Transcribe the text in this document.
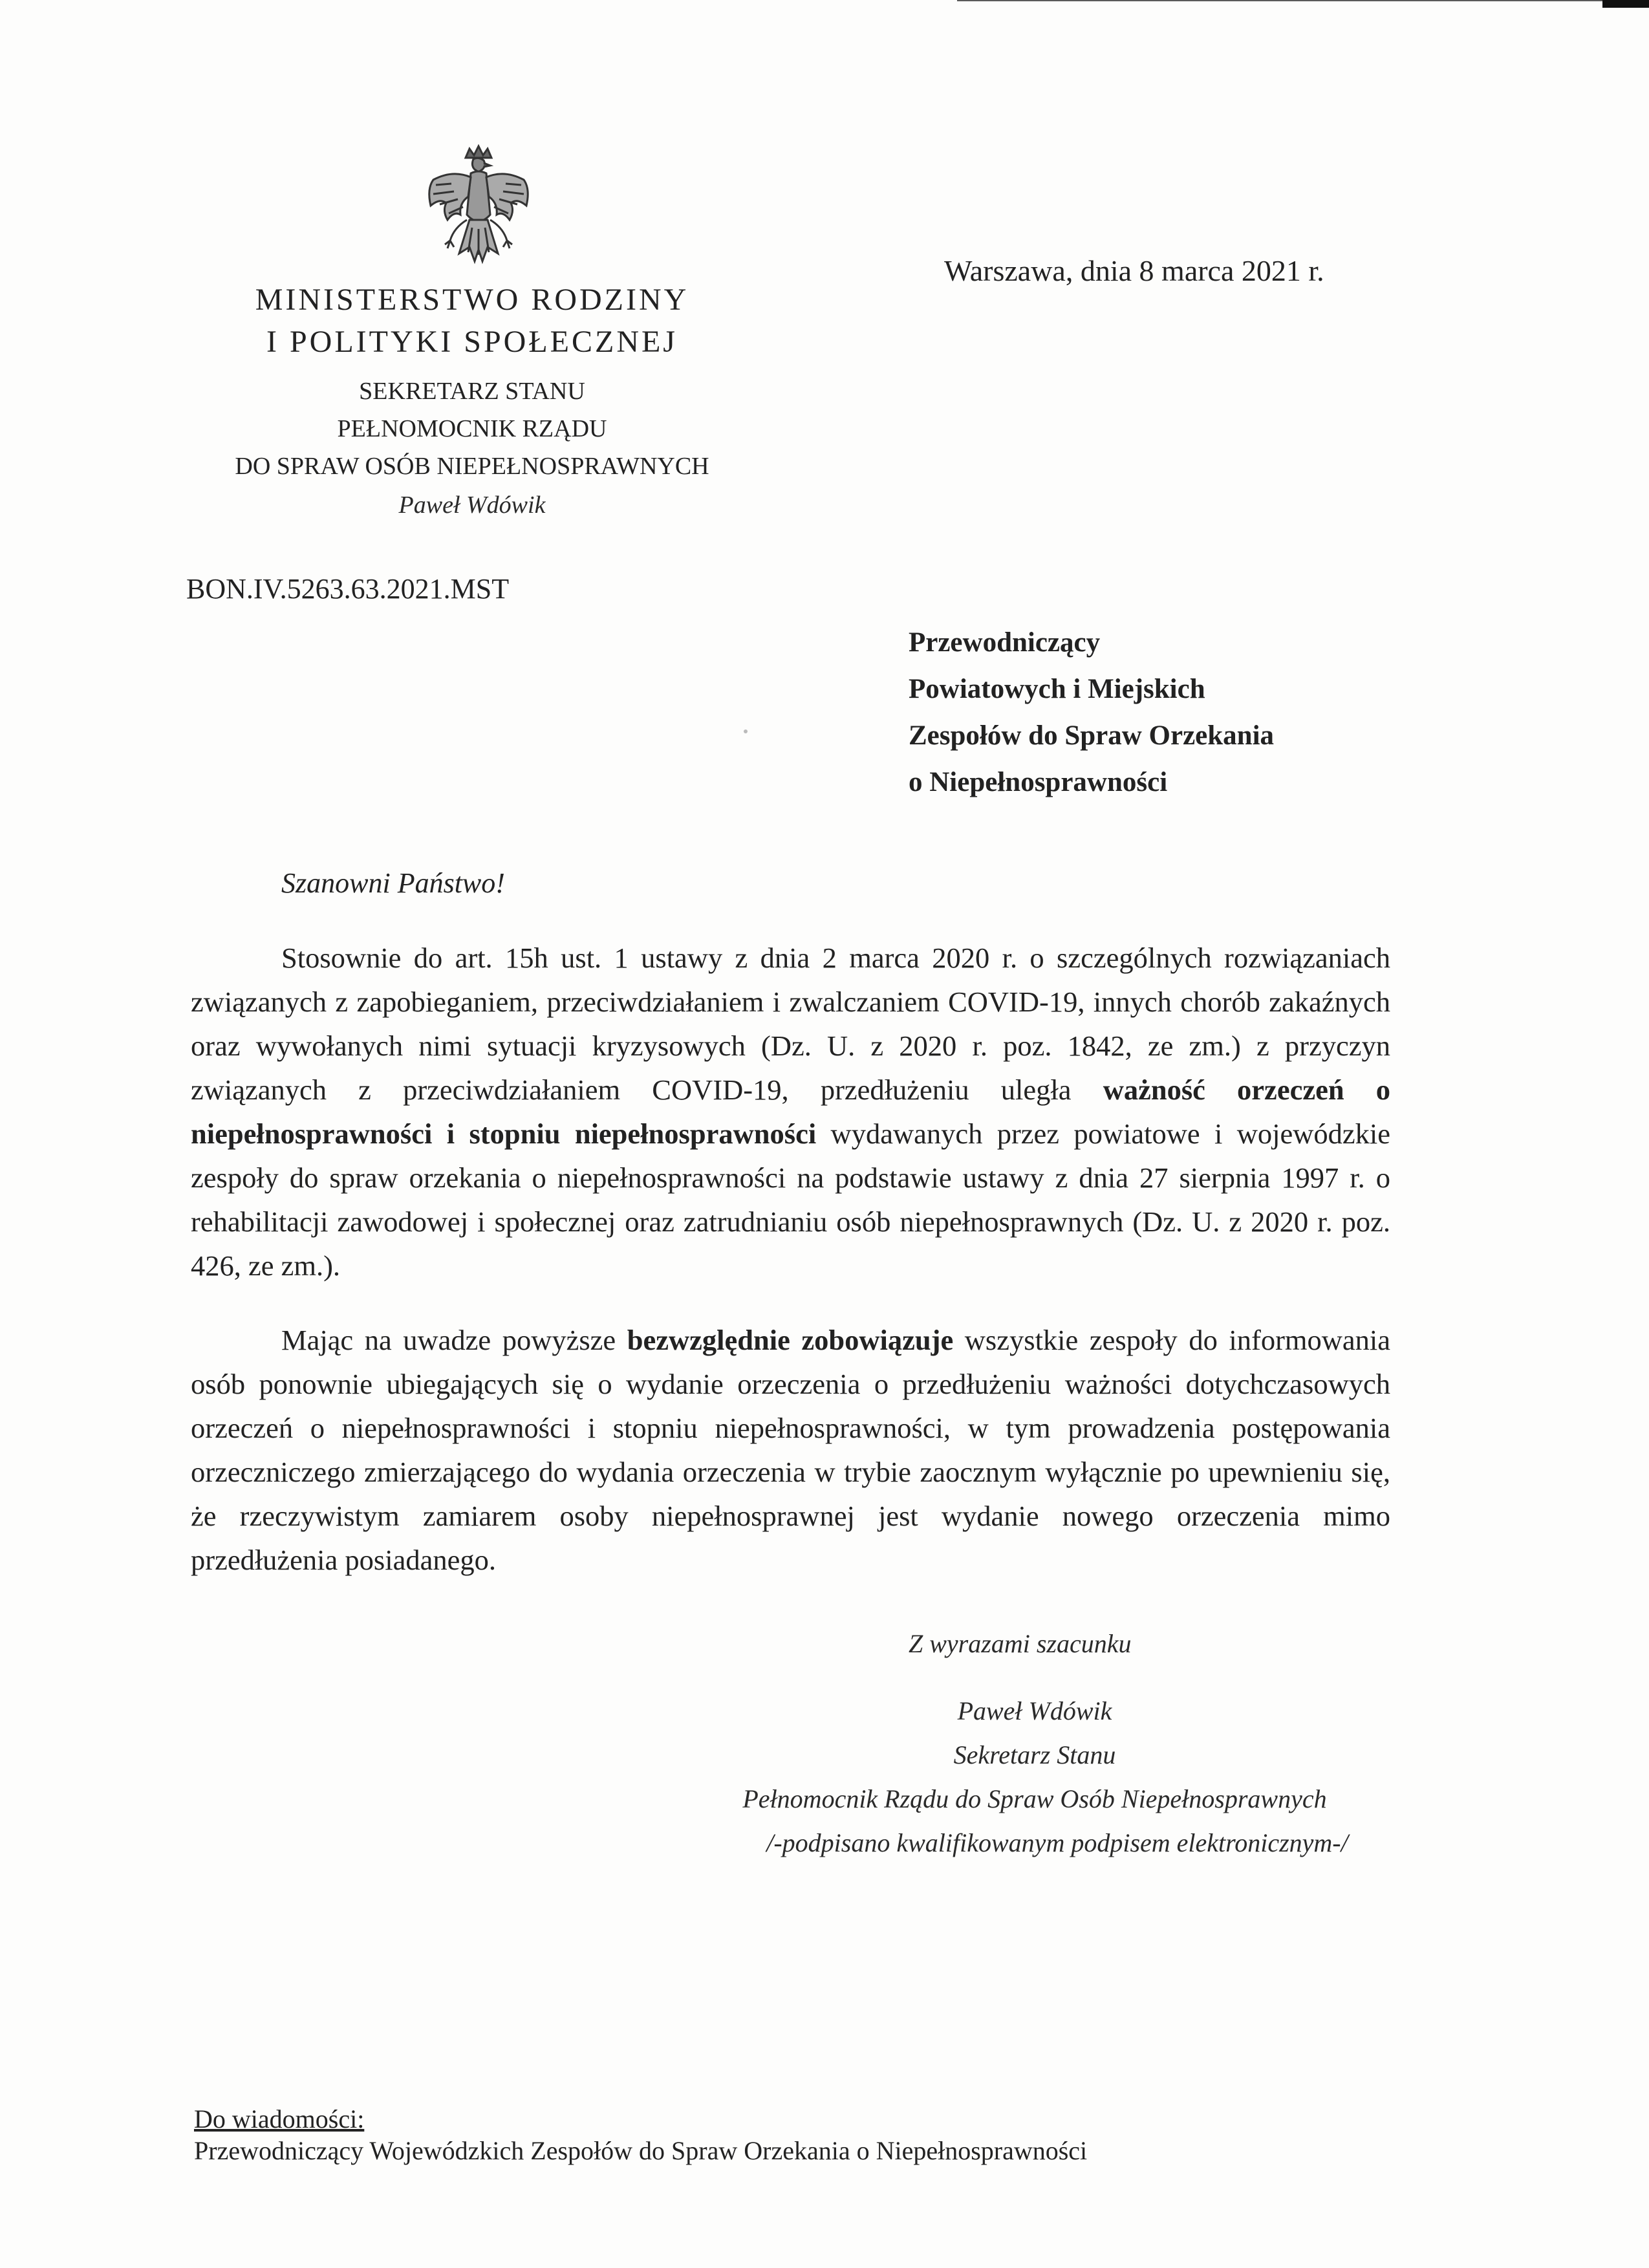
MINISTERSTWO RODZINY
I POLITYKI SPOŁECZNEJ
SEKRETARZ STANU
PEŁNOMOCNIK RZĄDU
DO SPRAW OSÓB NIEPEŁNOSPRAWNYCH
Paweł Wdówik
Warszawa, dnia 8 marca 2021 r.
BON.IV.5263.63.2021.MST
Przewodniczący
Powiatowych i Miejskich
Zespołów do Spraw Orzekania
o Niepełnosprawności
Szanowni Państwo!
Stosownie do art. 15h ust. 1 ustawy z dnia 2 marca 2020 r. o szczególnych rozwiązaniach związanych z zapobieganiem, przeciwdziałaniem i zwalczaniem COVID-19, innych chorób zakaźnych oraz wywołanych nimi sytuacji kryzysowych (Dz. U. z 2020 r. poz. 1842, ze zm.) z przyczyn związanych z przeciwdziałaniem COVID-19, przedłużeniu uległa ważność orzeczeń o niepełnosprawności i stopniu niepełnosprawności wydawanych przez powiatowe i wojewódzkie zespoły do spraw orzekania o niepełnosprawności na podstawie ustawy z dnia 27 sierpnia 1997 r. o rehabilitacji zawodowej i społecznej oraz zatrudnianiu osób niepełnosprawnych (Dz. U. z 2020 r. poz. 426, ze zm.).
Mając na uwadze powyższe bezwzględnie zobowiązuje wszystkie zespoły do informowania osób ponownie ubiegających się o wydanie orzeczenia o przedłużeniu ważności dotychczasowych orzeczeń o niepełnosprawności i stopniu niepełnosprawności, w tym prowadzenia postępowania orzeczniczego zmierzającego do wydania orzeczenia w trybie zaocznym wyłącznie po upewnieniu się, że rzeczywistym zamiarem osoby niepełnosprawnej jest wydanie nowego orzeczenia mimo przedłużenia posiadanego.
Z wyrazami szacunku
Paweł Wdówik
Sekretarz Stanu
Pełnomocnik Rządu do Spraw Osób Niepełnosprawnych
/-podpisano kwalifikowanym podpisem elektronicznym-/
Do wiadomości:
Przewodniczący Wojewódzkich Zespołów do Spraw Orzekania o Niepełnosprawności
